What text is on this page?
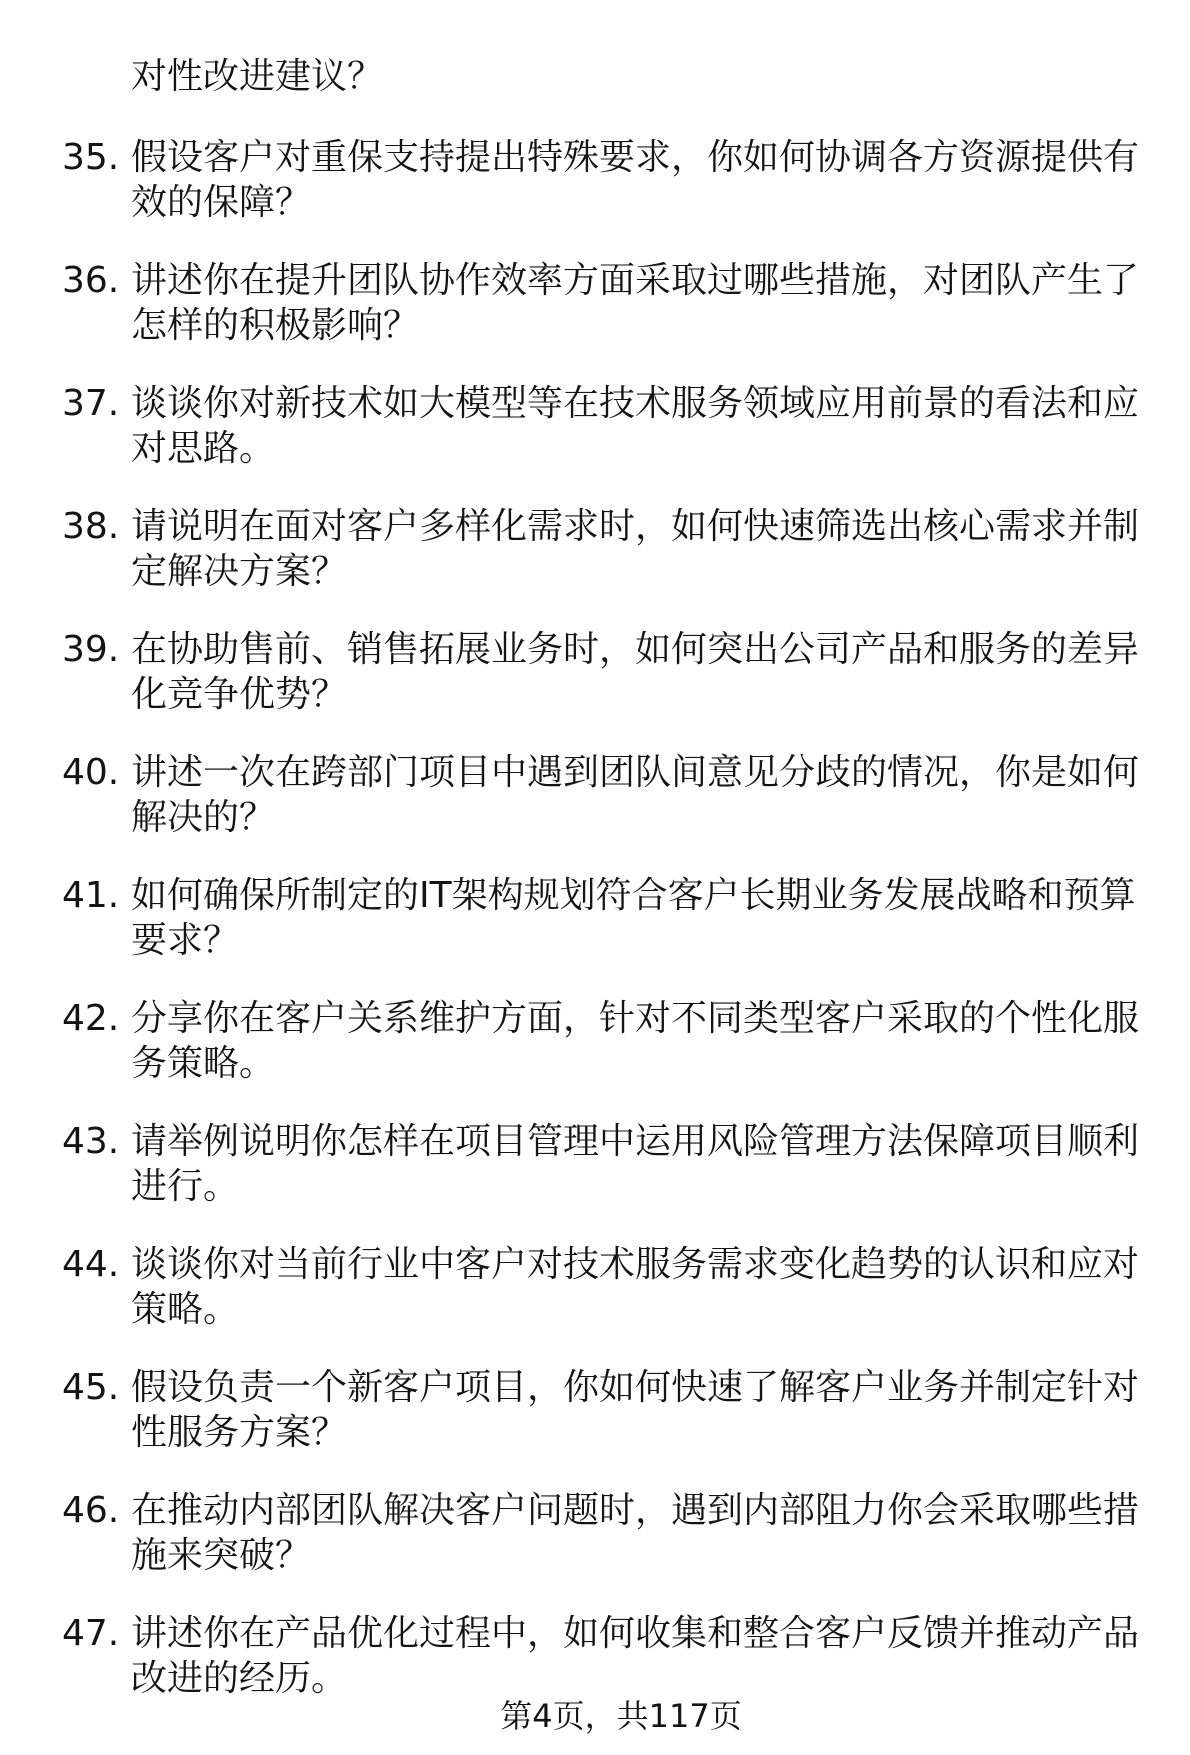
对性改进建议？
35. 假设客户对重保支持提出特殊要求，你如何协调各方资源提供有
效的保障？
36. 讲述你在提升团队协作效率方面采取过哪些措施，对团队产生了
怎样的积极影响？
37. 谈谈你对新技术如大模型等在技术服务领域应用前景的看法和应
对思路。
38. 请说明在面对客户多样化需求时，如何快速筛选出核心需求并制
定解决方案？
39. 在协助售前、销售拓展业务时，如何突出公司产品和服务的差异
化竞争优势？
40. 讲述一次在跨部门项目中遇到团队间意见分歧的情况，你是如何
解决的？
41. 如何确保所制定的IT架构规划符合客户长期业务发展战略和预算
要求？
42. 分享你在客户关系维护方面，针对不同类型客户采取的个性化服
务策略。
43. 请举例说明你怎样在项目管理中运用风险管理方法保障项目顺利
进行。
44. 谈谈你对当前行业中客户对技术服务需求变化趋势的认识和应对
策略。
45. 假设负责一个新客户项目，你如何快速了解客户业务并制定针对
性服务方案？
46. 在推动内部团队解决客户问题时，遇到内部阻力你会采取哪些措
施来突破？
47. 讲述你在产品优化过程中，如何收集和整合客户反馈并推动产品
改进的经历。
第4页，共117页
